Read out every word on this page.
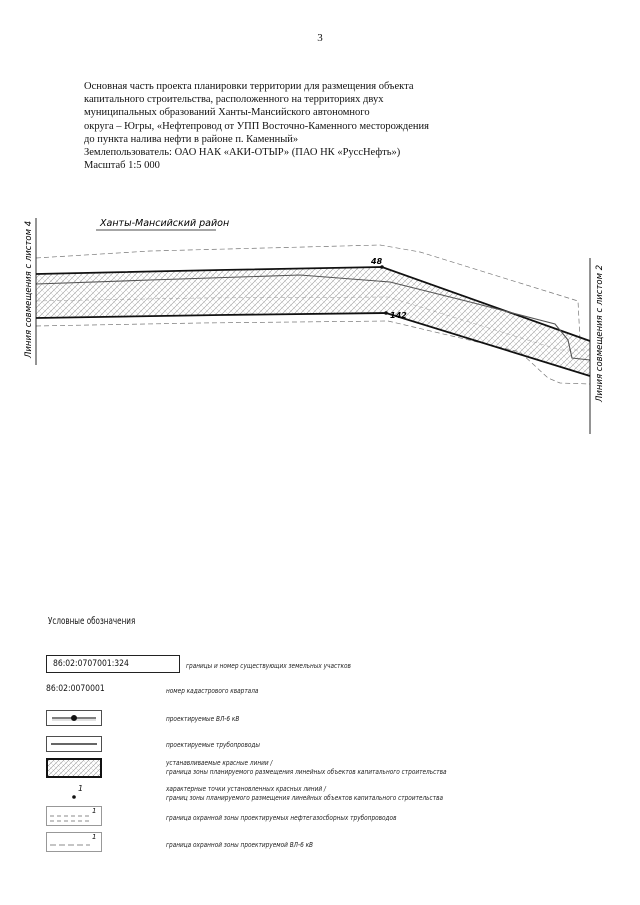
3
Основная часть проекта планировки территории для размещения объекта
капитального строительства, расположенного на территориях двух
муниципальных образований Ханты-Мансийского автономного
округа – Югры, «Нефтепровод от УПП Восточно-Каменного месторождения
до пункта налива нефти в районе п. Каменный»
Землепользователь: ОАО НАК «АКИ-ОТЫР» (ПАО НК «РуссНефть»)
Масштаб 1:5 000
48
142
Ханты-Мансийский район
Линия совмещения с листом 4	Линия совмещения с листом 2
Условные обозначения
86:02:0707001:324	границы и номер существующих земельных участков
86:02:0070001	номер кадастрового квартала
проектируемые ВЛ-6 кВ
проектируемые трубопроводы
устанавливаемые красные линии /
граница зоны планируемого размещения линейных объектов капитального строительства
1	характерные точки установленных красных линий /
границ зоны планируемого размещения линейных объектов капитального строительства
1
граница охранной зоны проектируемых нефтегазосборных трубопроводов
1
граница охранной зоны проектируемой ВЛ-6 кВ
